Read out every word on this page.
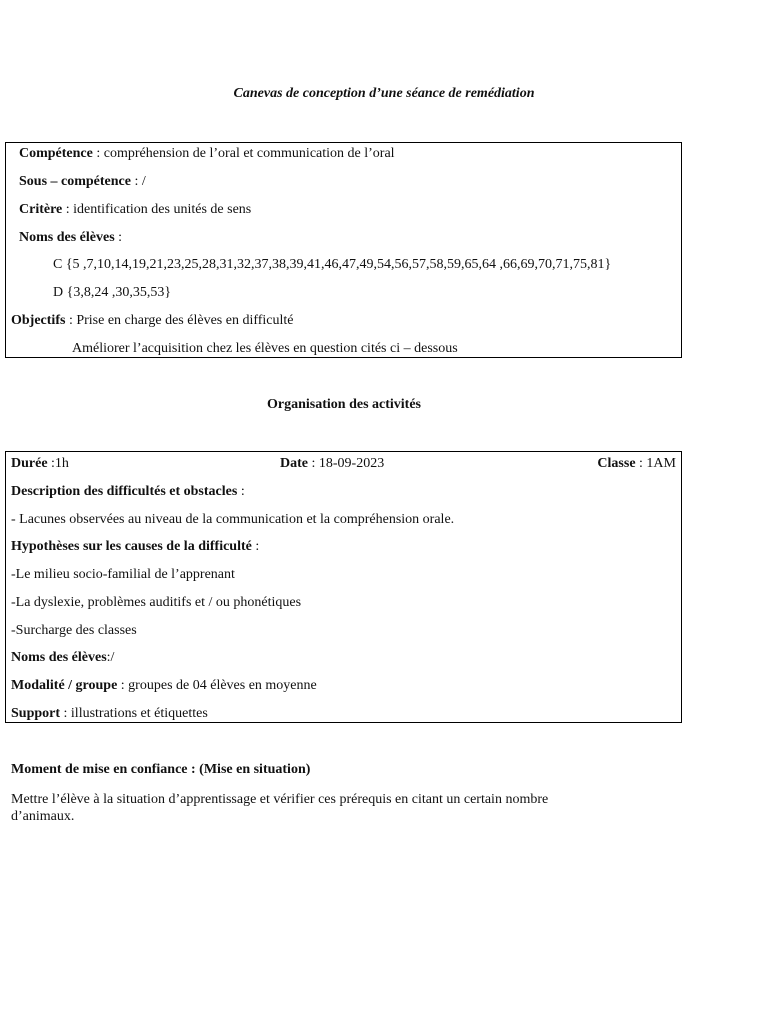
Canevas de conception d’une séance de remédiation
Compétence : compréhension de l’oral et communication de l’oral
Sous – compétence : /
Critère : identification des unités de sens
Noms des élèves :
C {5 ,7,10,14,19,21,23,25,28,31,32,37,38,39,41,46,47,49,54,56,57,58,59,65,64 ,66,69,70,71,75,81}
D {3,8,24 ,30,35,53}
Objectifs : Prise en charge des élèves en difficulté
Améliorer l’acquisition chez les élèves en question cités ci – dessous
Organisation des activités
Durée :1h	Date : 18-09-2023	Classe : 1AM
Description des difficultés et obstacles :
- Lacunes observées au niveau de la communication et la compréhension orale.
Hypothèses sur les causes de la difficulté :
-Le milieu socio-familial de l’apprenant
-La dyslexie, problèmes auditifs et / ou phonétiques
-Surcharge des classes
Noms des élèves:/
Modalité / groupe : groupes de 04 élèves en moyenne
Support : illustrations et étiquettes
Moment de mise en confiance : (Mise en situation)
Mettre l’élève à la situation d’apprentissage et vérifier ces prérequis en citant un certain nombre
d’animaux.
